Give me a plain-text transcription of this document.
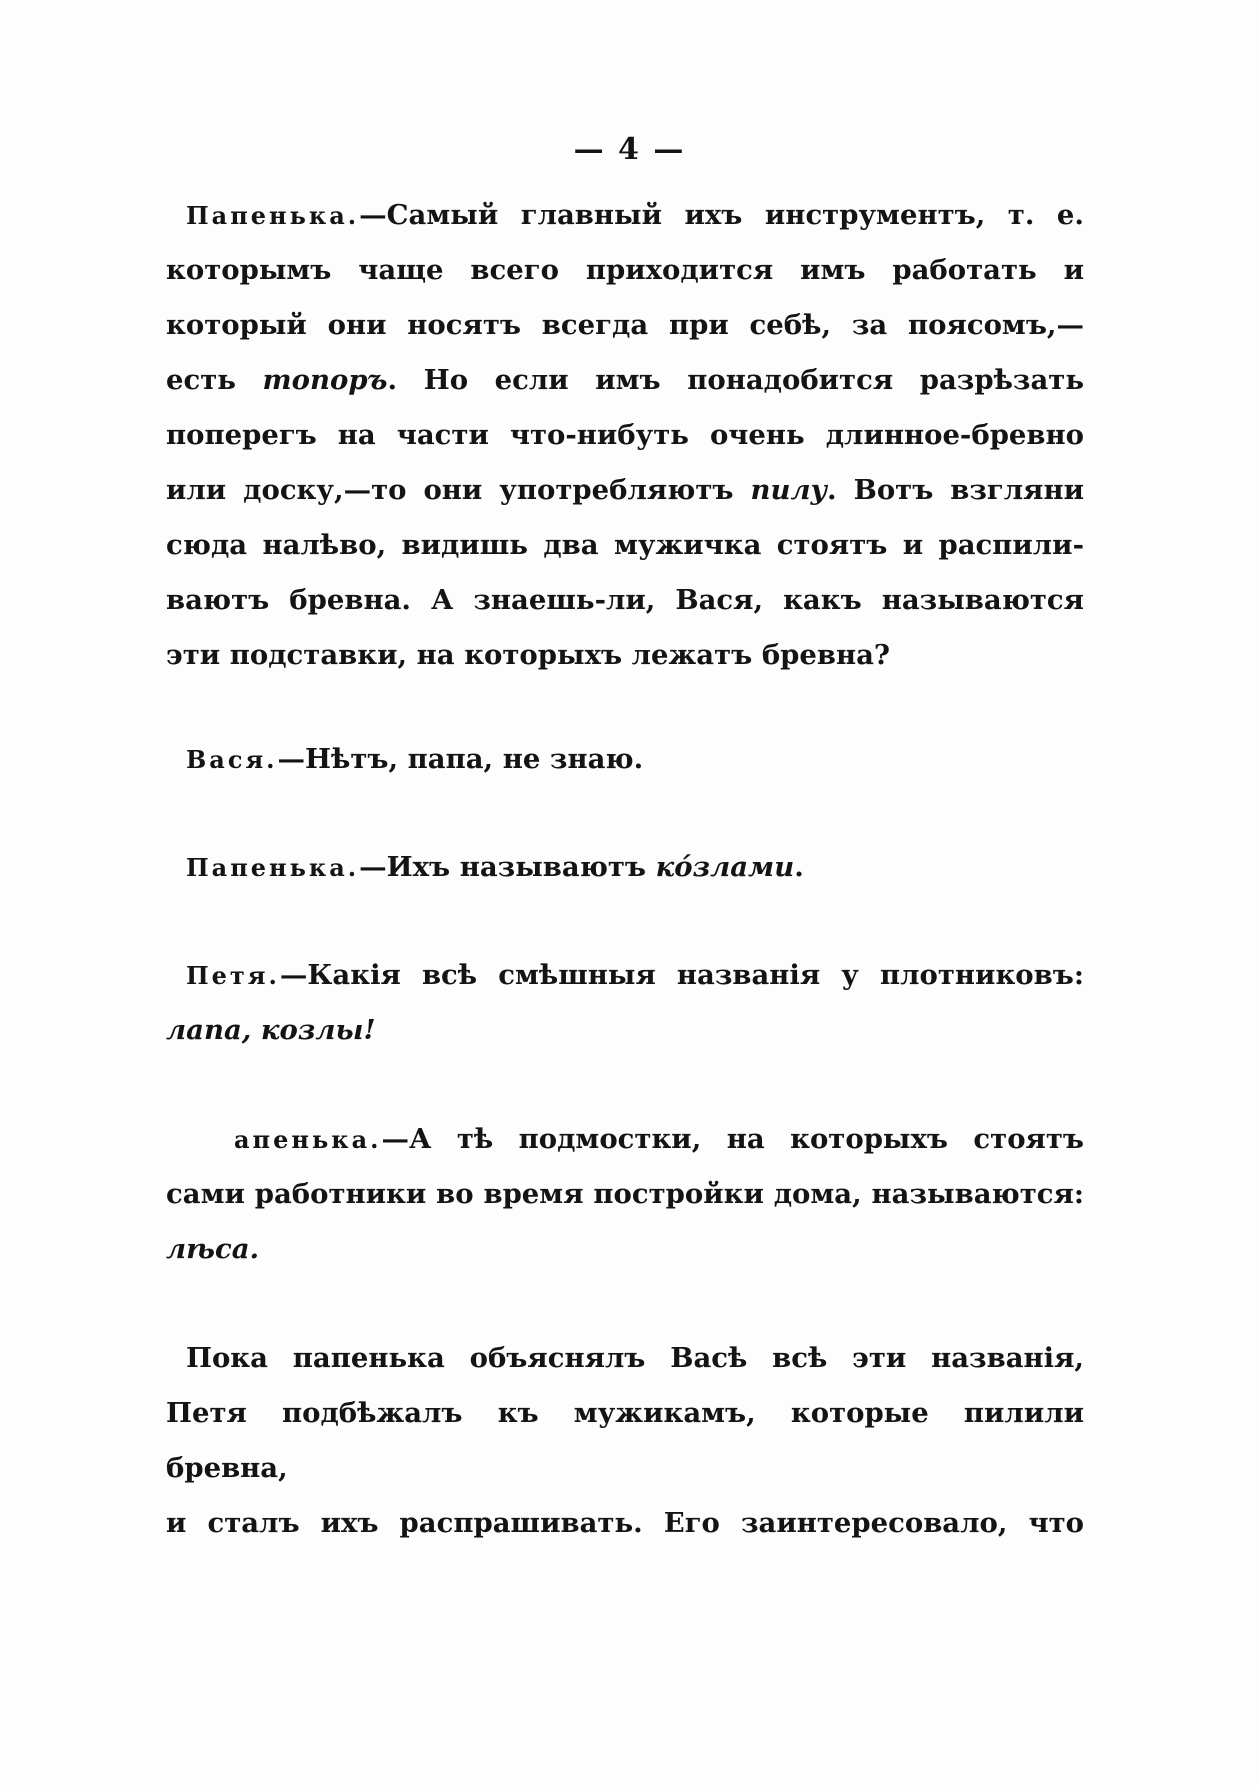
— 4 —
Папенька.—Самый главный ихъ инструментъ, т. е.
которымъ чаще всего приходится имъ работать и
который они носятъ всегда при себѣ, за поясомъ,—
есть топоръ. Но если имъ понадобится разрѣзать
поперегъ на части что-нибуть очень длинное-бревно
или доску,—то они употребляютъ пилу. Вотъ взгляни
сюда налѣво, видишь два мужичка стоятъ и распили-
ваютъ бревна. А знаешь-ли, Вася, какъ называются
эти подставки, на которыхъ лежатъ бревна?
Вася.—Нѣтъ, папа, не знаю.
Папенька.—Ихъ называютъ кóзлами.
Петя.—Какія всѣ смѣшныя названія у плотниковъ:
лапа, козлы!
апенька.—А тѣ подмостки, на которыхъ стоятъ
сами работники во время постройки дома, называются:
лѣса.
Пока папенька объяснялъ Васѣ всѣ эти названія,
Петя подбѣжалъ къ мужикамъ, которые пилили бревна,
и сталъ ихъ распрашивать. Его заинтересовало, что
